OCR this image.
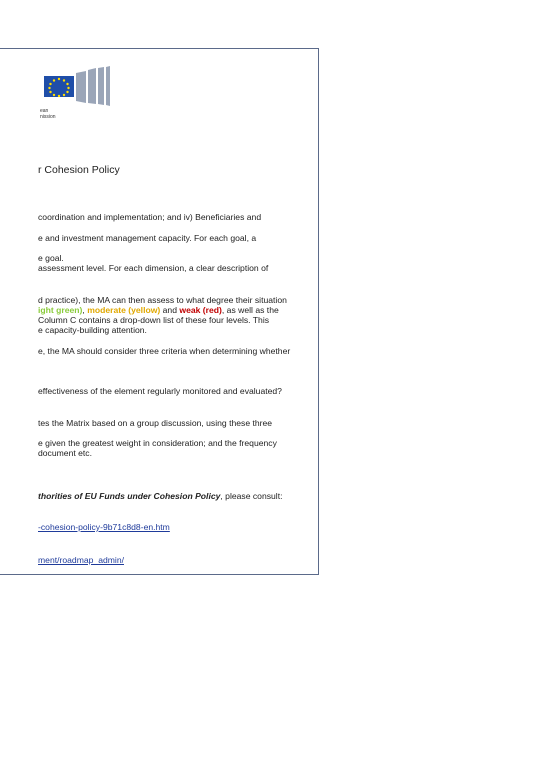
ean
nission
r Cohesion Policy
coordination and implementation; and iv) Beneficiaries and
e and investment management capacity. For each goal, a
e goal.
assessment level. For each dimension, a clear description of
d practice), the MA can then assess to what degree their situation
ight green), moderate (yellow) and weak (red), as well as the
Column C contains a drop-down list of these four levels. This
e capacity-building attention.
e, the MA should consider three criteria when determining whether
effectiveness of the element regularly monitored and evaluated?
tes the Matrix based on a group discussion, using these three
e given the greatest weight in consideration; and the frequency
document etc.
thorities of EU Funds under Cohesion Policy, please consult:
-cohesion-policy-9b71c8d8-en.htm
ment/roadmap_admin/
